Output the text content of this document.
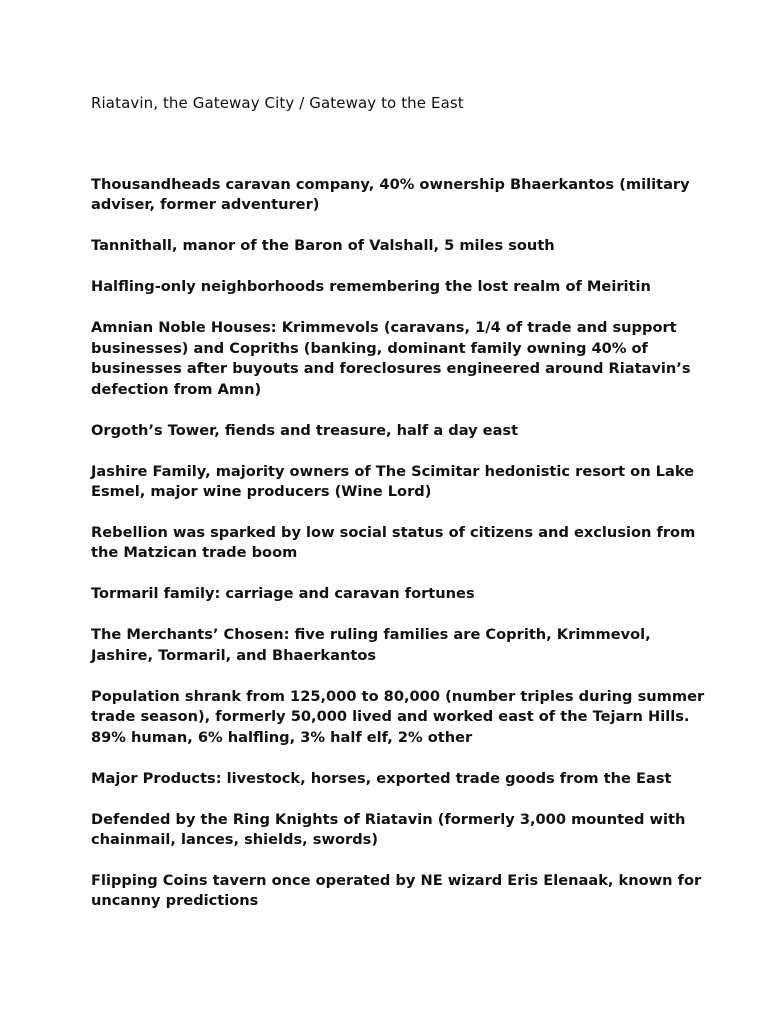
Riatavin, the Gateway City / Gateway to the East
Thousandheads caravan company, 40% ownership Bhaerkantos (military adviser, former adventurer)
Tannithall, manor of the Baron of Valshall, 5 miles south
Halfling-only neighborhoods remembering the lost realm of Meiritin
Amnian Noble Houses: Krimmevols (caravans, 1/4 of trade and support businesses) and Copriths (banking, dominant family owning 40% of businesses after buyouts and foreclosures engineered around Riatavin’s defection from Amn)
Orgoth’s Tower, fiends and treasure, half a day east
Jashire Family, majority owners of The Scimitar hedonistic resort on Lake Esmel, major wine producers (Wine Lord)
Rebellion was sparked by low social status of citizens and exclusion from the Matzican trade boom
Tormaril family: carriage and caravan fortunes
The Merchants’ Chosen: five ruling families are Coprith, Krimmevol, Jashire, Tormaril, and Bhaerkantos
Population shrank from 125,000 to 80,000 (number triples during summer trade season), formerly 50,000 lived and worked east of the Tejarn Hills. 89% human, 6% halfling, 3% half elf, 2% other
Major Products: livestock, horses, exported trade goods from the East
Defended by the Ring Knights of Riatavin (formerly 3,000 mounted with chainmail, lances, shields, swords)
Flipping Coins tavern once operated by NE wizard Eris Elenaak, known for uncanny predictions
